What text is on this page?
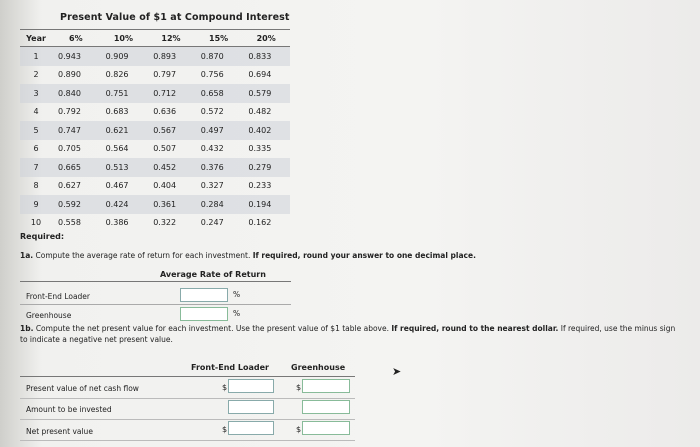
Present Value of $1 at Compound Interest
Year	6%	10%	12%	15%	20%
1	0.943	0.909	0.893	0.870	0.833
2	0.890	0.826	0.797	0.756	0.694
3	0.840	0.751	0.712	0.658	0.579
4	0.792	0.683	0.636	0.572	0.482
5	0.747	0.621	0.567	0.497	0.402
6	0.705	0.564	0.507	0.432	0.335
7	0.665	0.513	0.452	0.376	0.279
8	0.627	0.467	0.404	0.327	0.233
9	0.592	0.424	0.361	0.284	0.194
10	0.558	0.386	0.322	0.247	0.162
Required:
1a. Compute the average rate of return for each investment. If required, round your answer to one decimal place.
Average Rate of Return
Front-End Loader	%
Greenhouse	%
1b. Compute the net present value for each investment. Use the present value of $1 table above. If required, round to the nearest dollar. If required, use the minus sign to indicate a negative net present value.
Front-End Loader	Greenhouse	➤
Present value of net cash flow	$	$
Amount to be invested
Net present value	$	$
